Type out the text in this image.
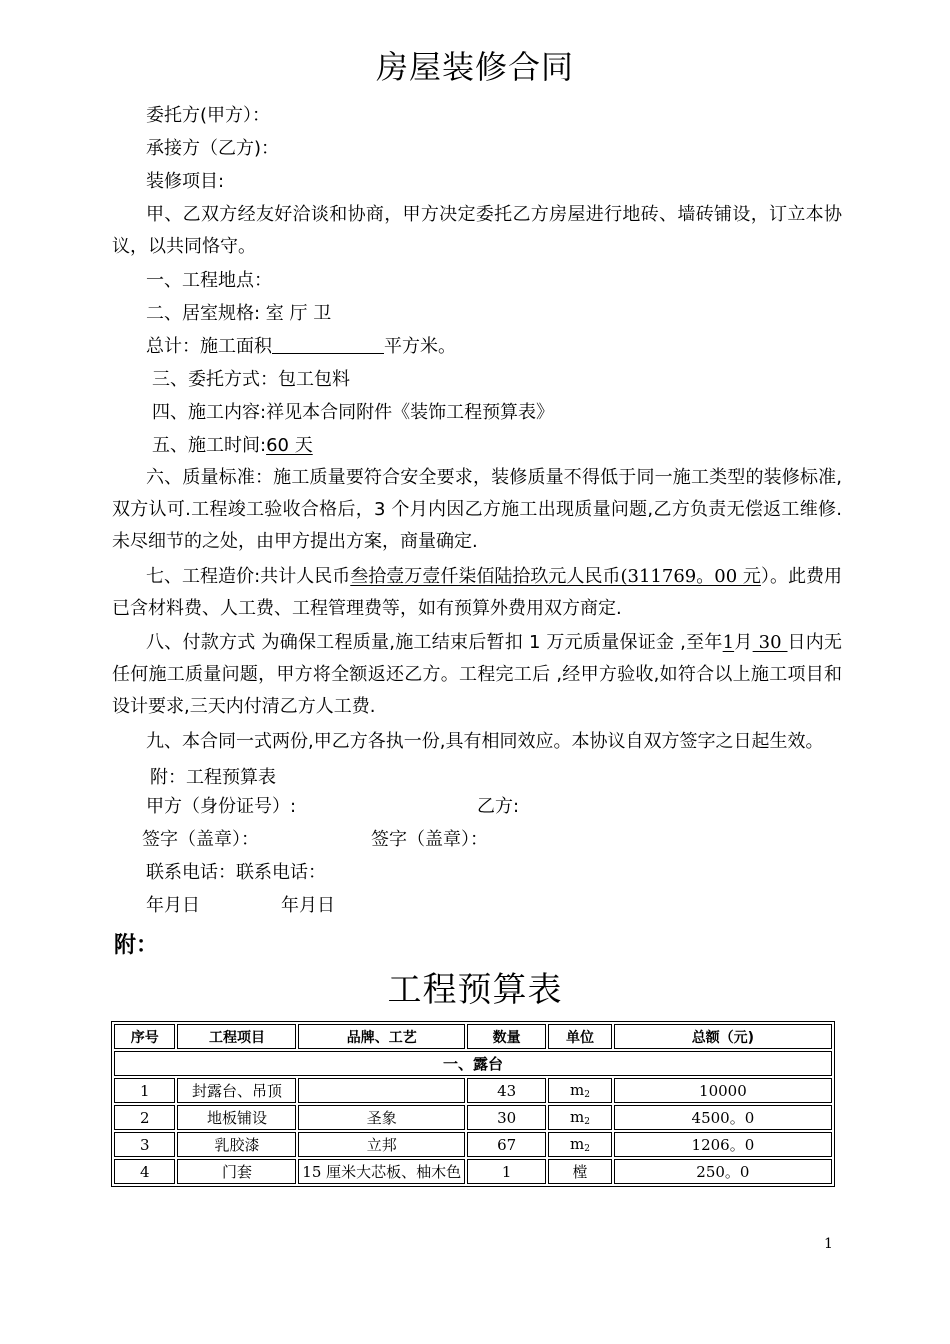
房屋装修合同
委托方(甲方）：
承接方（乙方)：
装修项目:
甲、乙双方经友好洽谈和协商，甲方决定委托乙方房屋进行地砖、墙砖铺设，订立本协议，以共同恪守。
一、工程地点：
二、居室规格: 室 厅 卫
总计：施工面积	平方米。
三、委托方式：包工包料
四、施工内容:祥见本合同附件《装饰工程预算表》
五、施工时间:60 天
六、质量标准：施工质量要符合安全要求，装修质量不得低于同一施工类型的装修标准,双方认可.工程竣工验收合格后，3 个月内因乙方施工出现质量问题,乙方负责无偿返工维修.未尽细节的之处，由甲方提出方案，商量确定.
七、工程造价:共计人民币叁拾壹万壹仟柒佰陆拾玖元人民币(311769。00 元）。此费用已含材料费、人工费、工程管理费等，如有预算外费用双方商定.
八、付款方式 为确保工程质量,施工结束后暂扣 1 万元质量保证金 ,至年1月 30 日内无任何施工质量问题，甲方将全额返还乙方。工程完工后 ,经甲方验收,如符合以上施工项目和设计要求,三天内付清乙方人工费.
九、本合同一式两份,甲乙方各执一份,具有相同效应。本协议自双方签字之日起生效。
附：工程预算表
甲方（身份证号）:	乙方:
签字（盖章）：	签字（盖章）：
联系电话：联系电话：
年月日	年月日
附：
工程预算表
序号	工程项目	品牌、工艺	数量	单位	总额（元)
一、露台					
1	封露台、吊顶		43	$m^2$	10000
2	地板铺设	圣象	30	$m^2$	4500。0
3	乳胶漆	立邦	67	$m^2$	1206。0
4	门套	15 厘米大芯板、柚木色	1	樘	250。0
1
